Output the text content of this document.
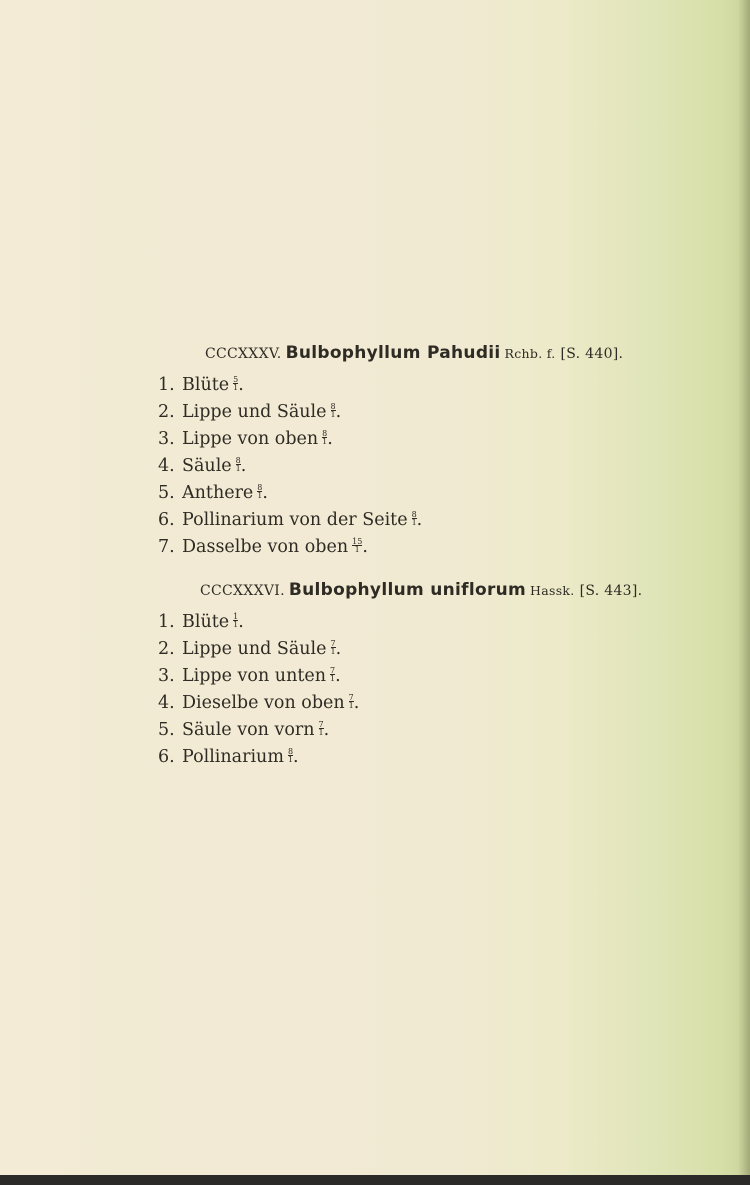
CCCXXXV. Bulbophyllum Pahudii Rchb. f. [S. 440].
1. Blüte $\frac{5}{1}$ .
2. Lippe und Säule $\frac{8}{1}$ .
3. Lippe von oben $\frac{8}{1}$ .
4. Säule $\frac{8}{1}$ .
5. Anthere $\frac{8}{1}$ .
6. Pollinarium von der Seite $\frac{8}{1}$ .
7. Dasselbe von oben $\frac{15}{1}$ .
CCCXXXVI. Bulbophyllum uniflorum Hassk. [S. 443].
1. Blüte $\frac{1}{1}$ .
2. Lippe und Säule $\frac{7}{1}$ .
3. Lippe von unten $\frac{7}{1}$ .
4. Dieselbe von oben $\frac{7}{1}$ .
5. Säule von vorn $\frac{7}{1}$ .
6. Pollinarium $\frac{8}{1}$ .
